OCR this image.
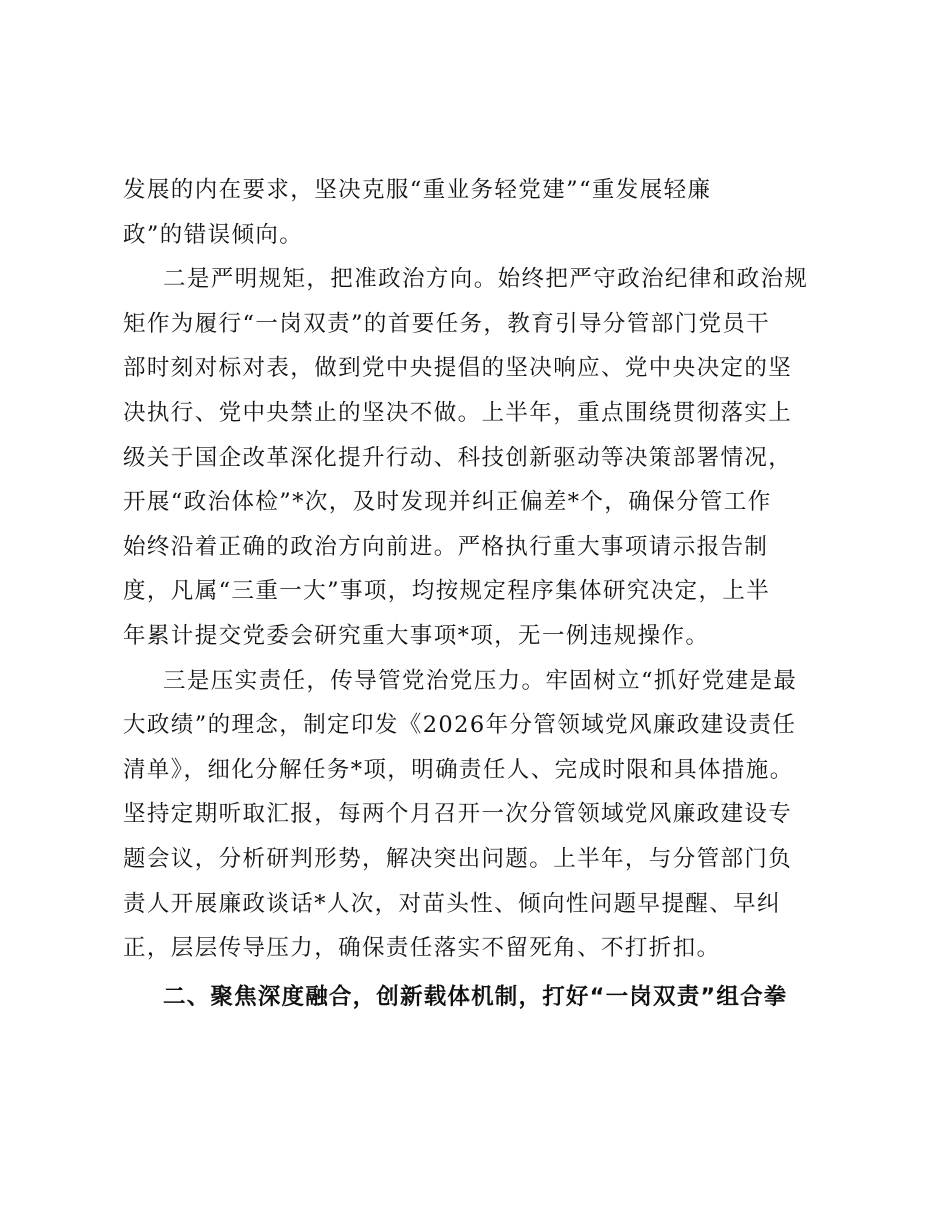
发展的内在要求，坚决克服“重业务轻党建”“重发展轻廉
政”的错误倾向。
二是严明规矩，把准政治方向。始终把严守政治纪律和政治规
矩作为履行“一岗双责”的首要任务，教育引导分管部门党员干
部时刻对标对表，做到党中央提倡的坚决响应、党中央决定的坚
决执行、党中央禁止的坚决不做。上半年，重点围绕贯彻落实上
级关于国企改革深化提升行动、科技创新驱动等决策部署情况，
开展“政治体检”*次，及时发现并纠正偏差*个，确保分管工作
始终沿着正确的政治方向前进。严格执行重大事项请示报告制
度，凡属“三重一大”事项，均按规定程序集体研究决定，上半
年累计提交党委会研究重大事项*项，无一例违规操作。
三是压实责任，传导管党治党压力。牢固树立“抓好党建是最
大政绩”的理念，制定印发《2026年分管领域党风廉政建设责任
清单》，细化分解任务*项，明确责任人、完成时限和具体措施。
坚持定期听取汇报，每两个月召开一次分管领域党风廉政建设专
题会议，分析研判形势，解决突出问题。上半年，与分管部门负
责人开展廉政谈话*人次，对苗头性、倾向性问题早提醒、早纠
正，层层传导压力，确保责任落实不留死角、不打折扣。
二、聚焦深度融合，创新载体机制，打好“一岗双责”组合拳
